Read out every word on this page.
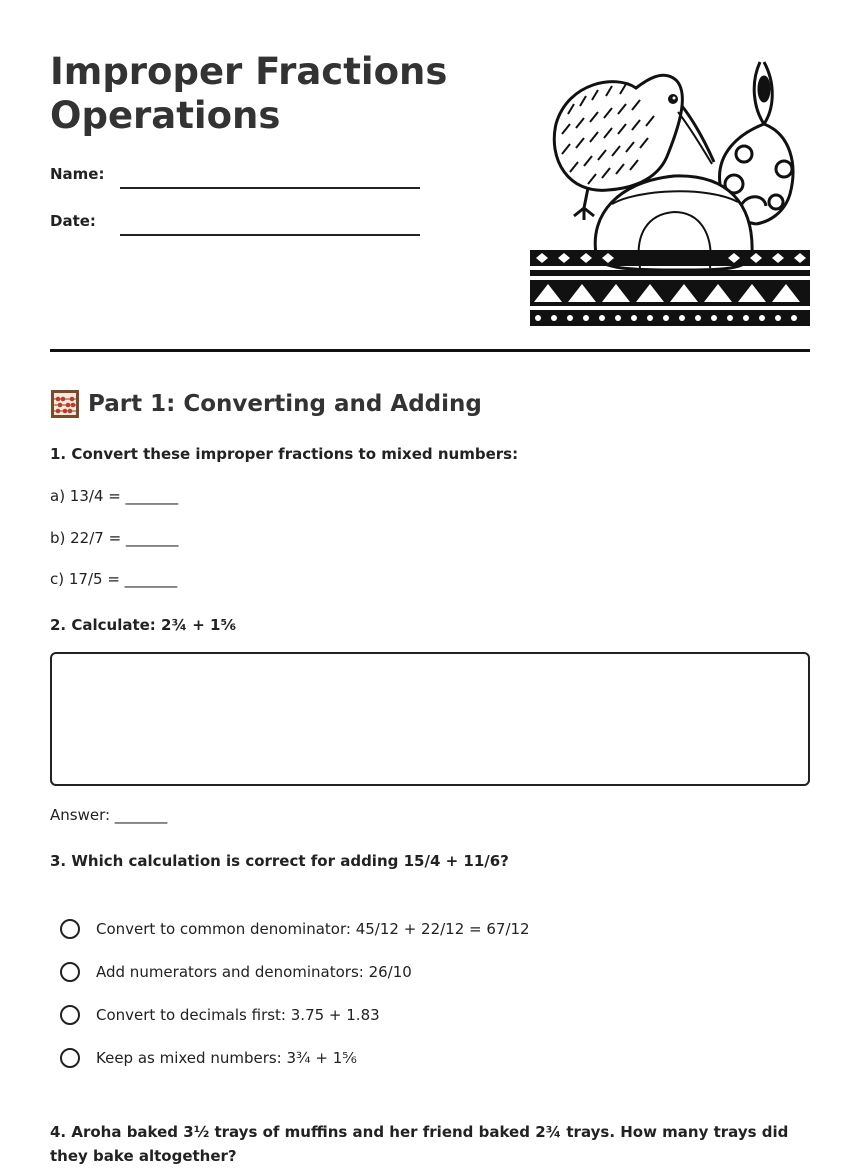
Improper Fractions
Operations
Name:
Date:
Part 1: Converting and Adding
1. Convert these improper fractions to mixed numbers:
a) 13/4 = _______
b) 22/7 = _______
c) 17/5 = _______
2. Calculate: 2¾ + 1⅚
Answer: _______
3. Which calculation is correct for adding 15/4 + 11/6?
Convert to common denominator: 45/12 + 22/12 = 67/12
Add numerators and denominators: 26/10
Convert to decimals first: 3.75 + 1.83
Keep as mixed numbers: 3¾ + 1⅚
4. Aroha baked 3½ trays of muffins and her friend baked 2¾ trays. How many trays did they bake altogether?
